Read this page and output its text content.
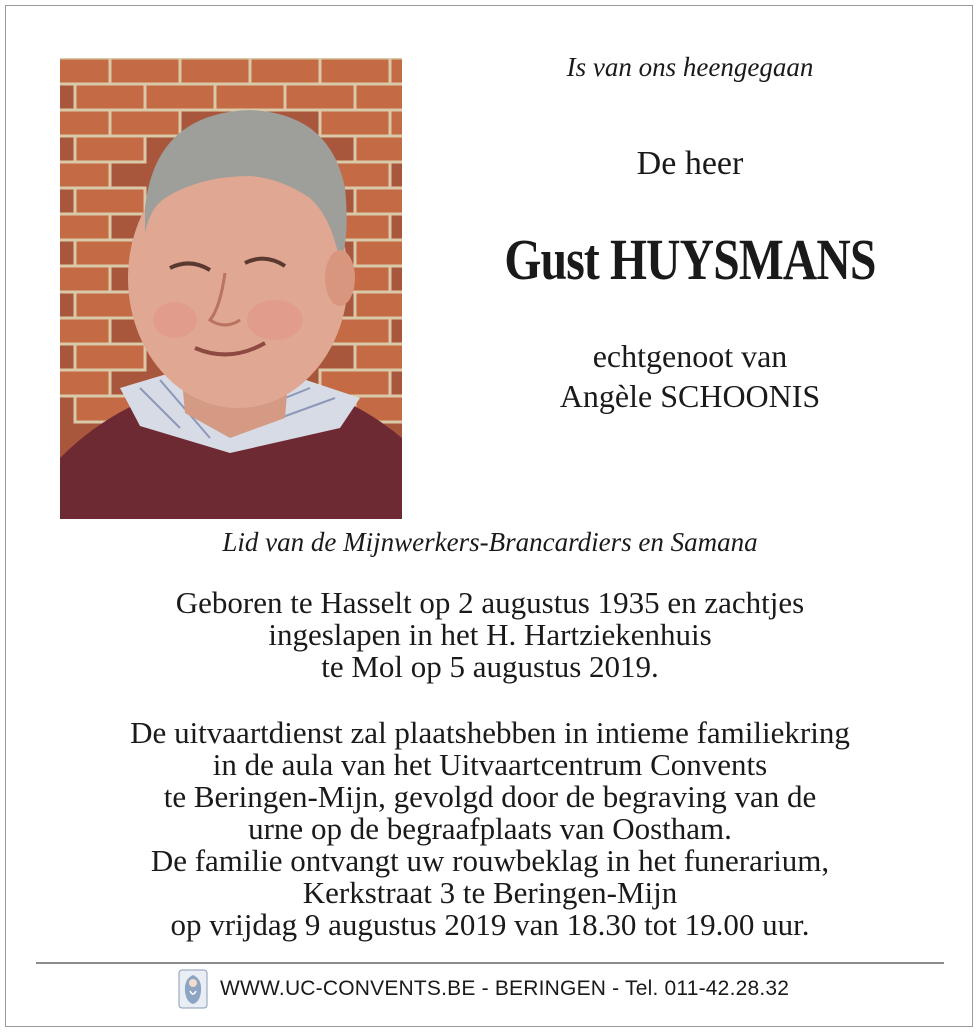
Is van ons heengegaan
De heer
Gust HUYSMANS
echtgenoot van
Angèle SCHOONIS
Lid van de Mijnwerkers-Brancardiers en Samana
Geboren te Hasselt op 2 augustus 1935 en zachtjes
ingeslapen in het H. Hartziekenhuis
te Mol op 5 augustus 2019.
De uitvaartdienst zal plaatshebben in intieme familiekring
in de aula van het Uitvaartcentrum Convents
te Beringen-Mijn, gevolgd door de begraving van de
urne op de begraafplaats van Oostham.
De familie ontvangt uw rouwbeklag in het funerarium,
Kerkstraat 3 te Beringen-Mijn
op vrijdag 9 augustus 2019 van 18.30 tot 19.00 uur.
WWW.UC-CONVENTS.BE - BERINGEN - Tel. 011-42.28.32
